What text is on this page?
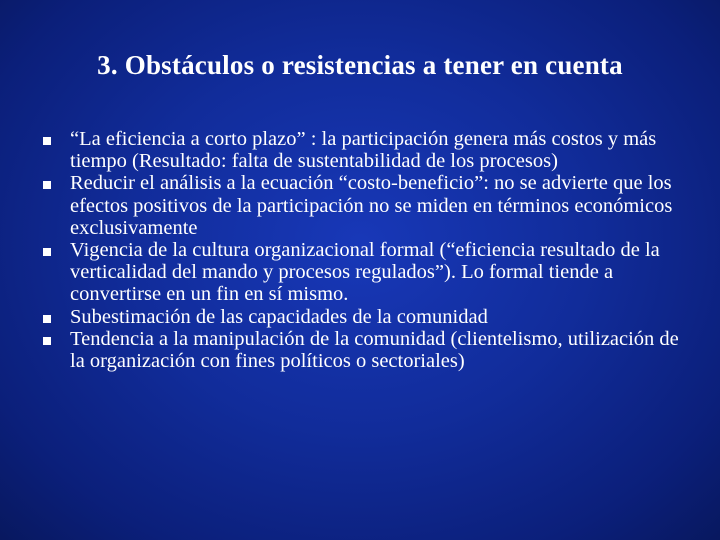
3. Obstáculos o resistencias a tener en cuenta
“La eficiencia a corto plazo” : la participación genera más costos y más tiempo (Resultado: falta de sustentabilidad de los procesos)
Reducir el análisis a la ecuación “costo-beneficio”: no se advierte que los efectos positivos de la participación no se miden en términos económicos exclusivamente
Vigencia de la cultura organizacional formal (“eficiencia resultado de la verticalidad del mando y procesos regulados”). Lo formal tiende a convertirse en un fin en sí mismo.
Subestimación de las capacidades de la comunidad
Tendencia a la manipulación de la comunidad (clientelismo, utilización de la organización con fines políticos o sectoriales)
